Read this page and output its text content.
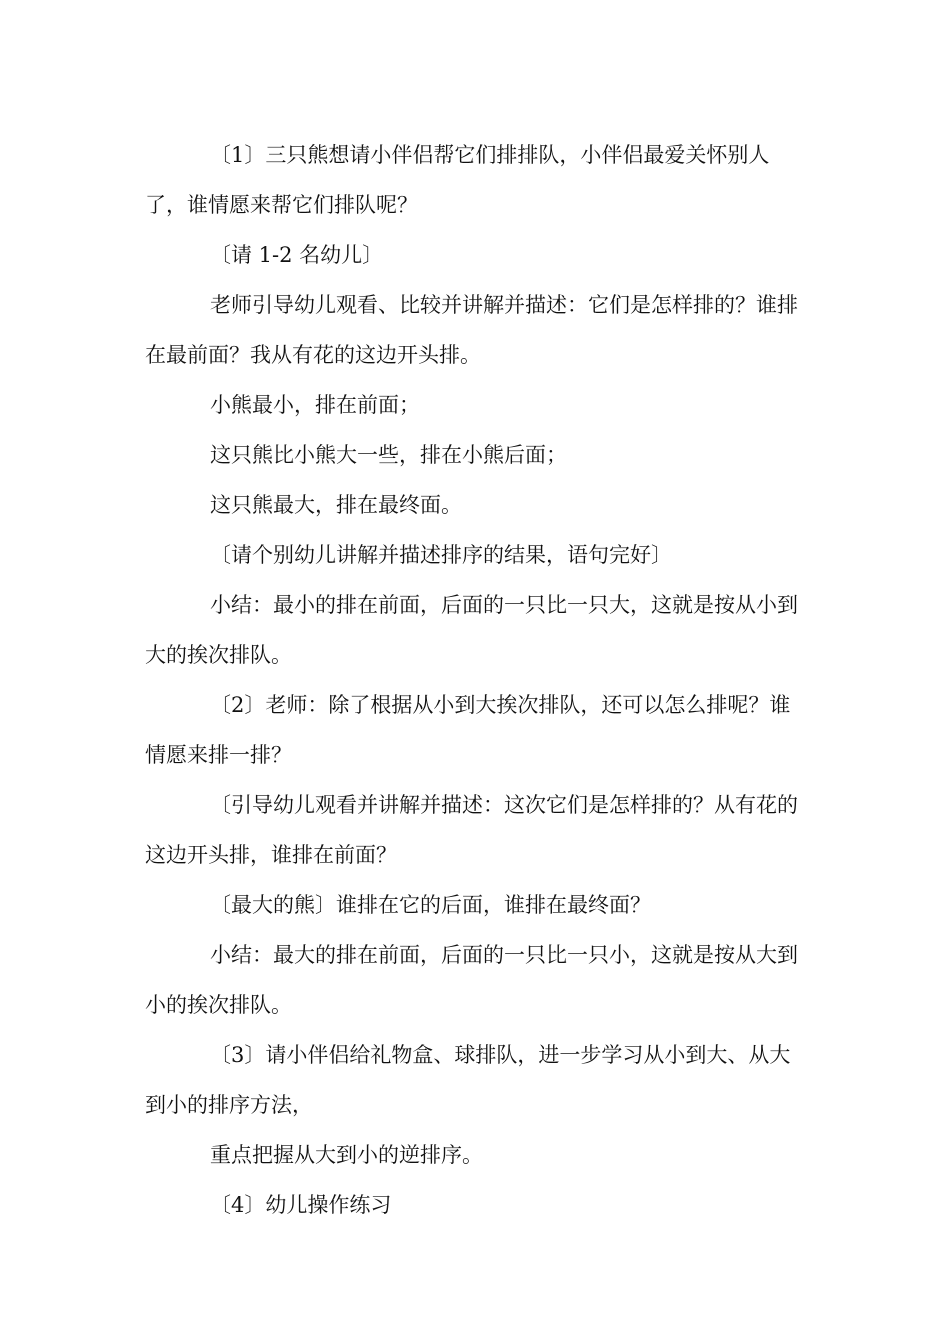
〔1〕三只熊想请小伴侣帮它们排排队，小伴侣最爱关怀别人了，谁情愿来帮它们排队呢？

〔请 1-2 名幼儿〕

老师引导幼儿观看、比较并讲解并描述：它们是怎样排的？谁排在最前面？我从有花的这边开头排。

小熊最小，排在前面；

这只熊比小熊大一些，排在小熊后面；

这只熊最大，排在最终面。

〔请个别幼儿讲解并描述排序的结果，语句完好〕

小结：最小的排在前面，后面的一只比一只大，这就是按从小到大的挨次排队。

〔2〕老师：除了根据从小到大挨次排队，还可以怎么排呢？谁情愿来排一排？

〔引导幼儿观看并讲解并描述：这次它们是怎样排的？从有花的这边开头排，谁排在前面？

〔最大的熊〕谁排在它的后面，谁排在最终面？

小结：最大的排在前面，后面的一只比一只小，这就是按从大到小的挨次排队。

〔3〕请小伴侣给礼物盒、球排队，进一步学习从小到大、从大到小的排序方法，

重点把握从大到小的逆排序。

〔4〕幼儿操作练习
